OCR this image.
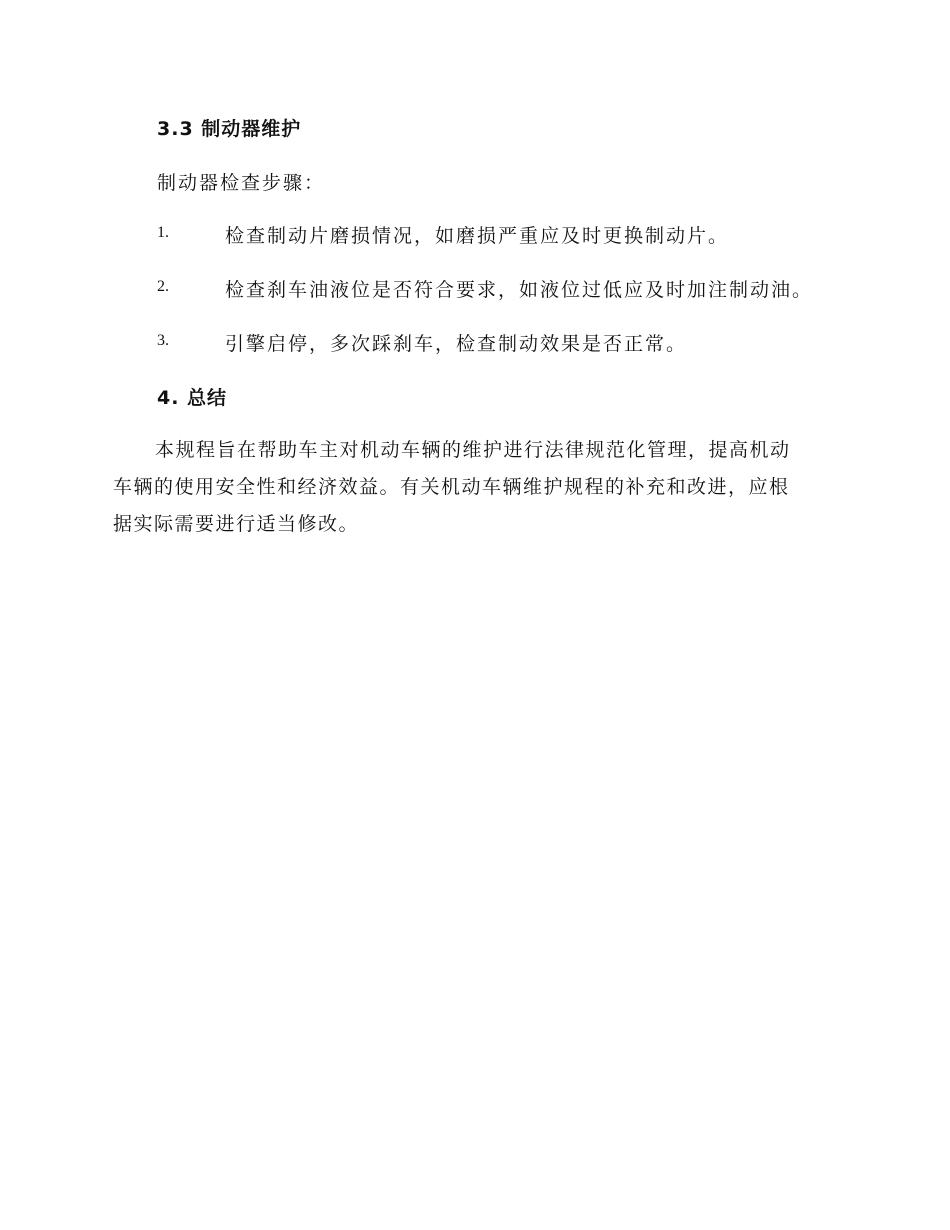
3.3 制动器维护
制动器检查步骤：
1.	检查制动片磨损情况，如磨损严重应及时更换制动片。
2.	检查刹车油液位是否符合要求，如液位过低应及时加注制动油。
3.	引擎启停，多次踩刹车，检查制动效果是否正常。
4. 总结
本规程旨在帮助车主对机动车辆的维护进行法律规范化管理，提高机动
车辆的使用安全性和经济效益。有关机动车辆维护规程的补充和改进，应根
据实际需要进行适当修改。
